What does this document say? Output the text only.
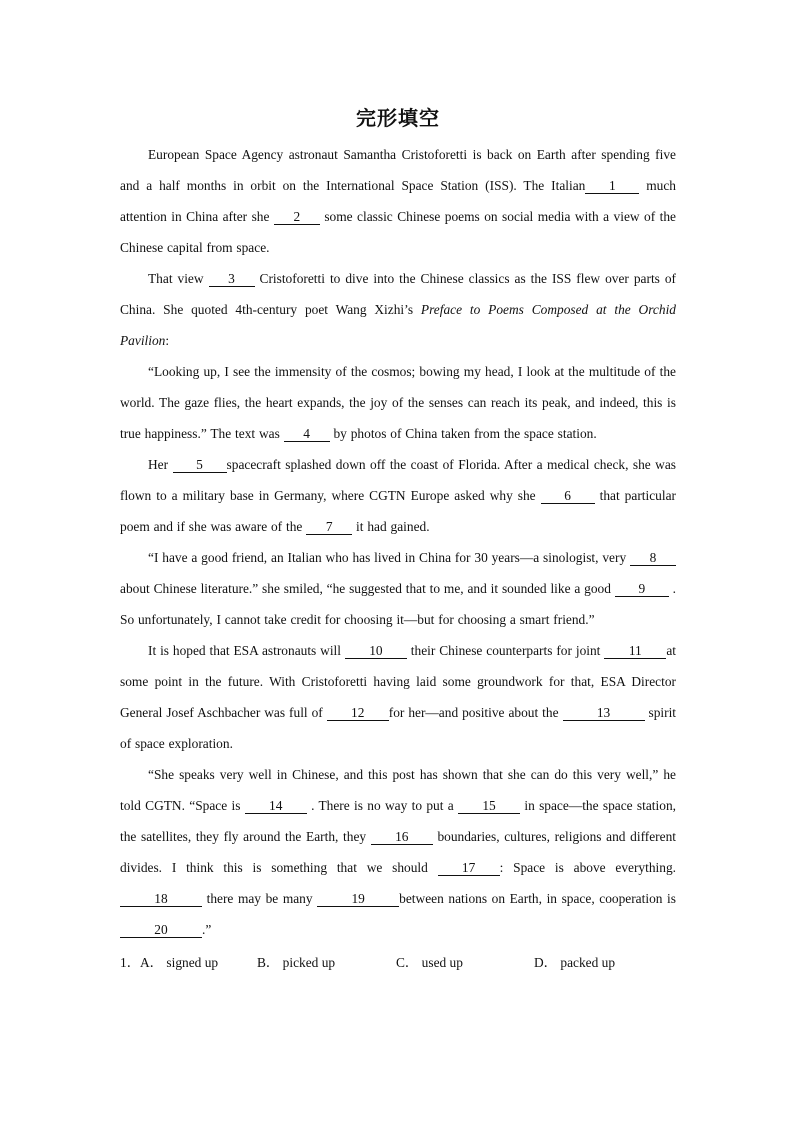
完形填空

European Space Agency astronaut Samantha Cristoforetti is back on Earth after spending five and a half months in orbit on the International Space Station (ISS). The Italian 1 much attention in China after she 2 some classic Chinese poems on social media with a view of the Chinese capital from space.

That view 3 Cristoforetti to dive into the Chinese classics as the ISS flew over parts of China. She quoted 4th-century poet Wang Xizhi’s Preface to Poems Composed at the Orchid Pavilion:

“Looking up, I see the immensity of the cosmos; bowing my head, I look at the multitude of the world. The gaze flies, the heart expands, the joy of the senses can reach its peak, and indeed, this is true happiness.” The text was 4 by photos of China taken from the space station.

Her 5 spacecraft splashed down off the coast of Florida. After a medical check, she was flown to a military base in Germany, where CGTN Europe asked why she 6 that particular poem and if she was aware of the 7 it had gained.

“I have a good friend, an Italian who has lived in China for 30 years—a sinologist, very 8about Chinese literature.” she smiled, “he suggested that to me, and it sounded like a good 9 . So unfortunately, I cannot take credit for choosing it—but for choosing a smart friend.”

It is hoped that ESA astronauts will 10 their Chinese counterparts for joint 11 at some point in the future. With Cristoforetti having laid some groundwork for that, ESA Director General Josef Aschbacher was full of 12 for her—and positive about the	13	spirit of space exploration.

“She speaks very well in Chinese, and this post has shown that she can do this very well,” he told CGTN. “Space is 14 . There is no way to put a 15 in space—the space station, the satellites, they fly around the Earth, they 16 boundaries, cultures, religions and different divides. I think this is something that we should 17 : Space is above everything. 18	there may be many	19	between nations on Earth, in space, cooperation is 20	.”

1． A． signed up	B． picked up	C． used up	D． packed up
